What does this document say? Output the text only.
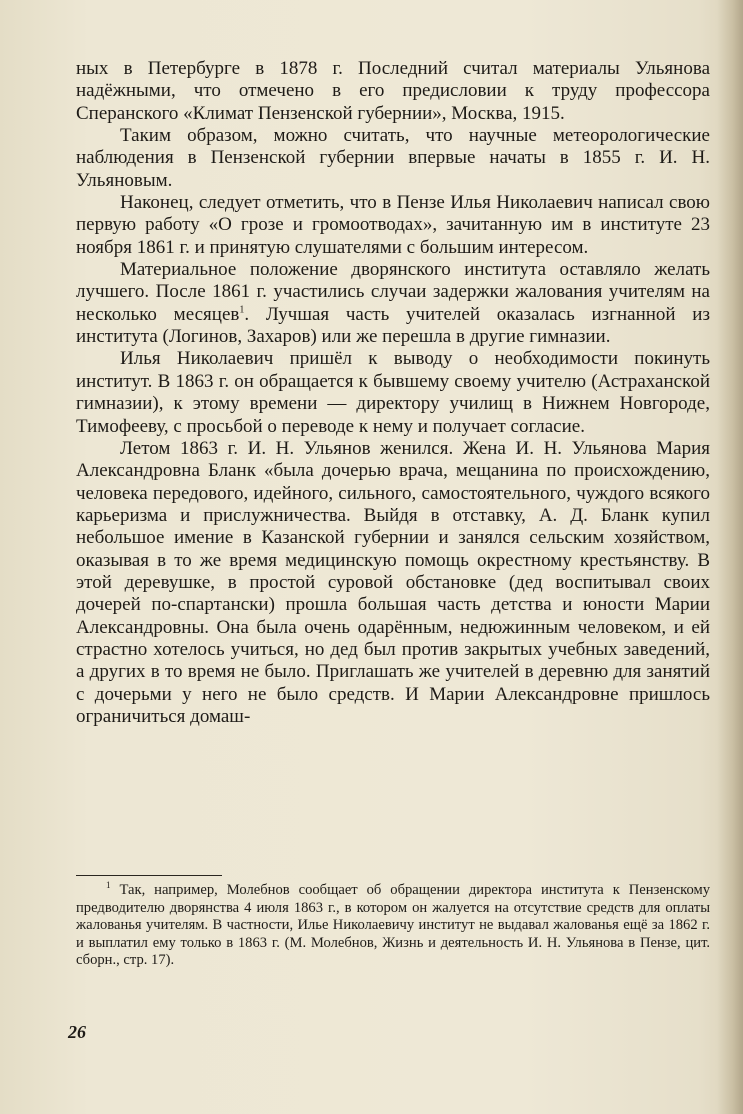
ных в Петербурге в 1878 г. Последний считал материалы Ульянова надёжными, что отмечено в его предисловии к труду профессора Сперанского «Климат Пензенской губернии», Москва, 1915.

Таким образом, можно считать, что научные метеорологические наблюдения в Пензенской губернии впервые начаты в 1855 г. И. Н. Ульяновым.

Наконец, следует отметить, что в Пензе Илья Николаевич написал свою первую работу «О грозе и громоотводах», зачитанную им в институте 23 ноября 1861 г. и принятую слушателями с большим интересом.

Материальное положение дворянского института оставляло желать лучшего. После 1861 г. участились случаи задержки жалования учителям на несколько месяцев$^1$. Лучшая часть учителей оказалась изгнанной из института (Логинов, Захаров) или же перешла в другие гимназии.

Илья Николаевич пришёл к выводу о необходимости покинуть институт. В 1863 г. он обращается к бывшему своему учителю (Астраханской гимназии), к этому времени — директору училищ в Нижнем Новгороде, Тимофееву, с просьбой о переводе к нему и получает согласие.

Летом 1863 г. И. Н. Ульянов женился. Жена И. Н. Ульянова Мария Александровна Бланк «была дочерью врача, мещанина по происхождению, человека передового, идейного, сильного, самостоятельного, чуждого всякого карьеризма и прислужничества. Выйдя в отставку, А. Д. Бланк купил небольшое имение в Казанской губернии и занялся сельским хозяйством, оказывая в то же время медицинскую помощь окрестному крестьянству. В этой деревушке, в простой суровой обстановке (дед воспитывал своих дочерей по-спартански) прошла большая часть детства и юности Марии Александровны. Она была очень одарённым, недюжинным человеком, и ей страстно хотелось учиться, но дед был против закрытых учебных заведений, а других в то время не было. Приглашать же учителей в деревню для занятий с дочерьми у него не было средств. И Марии Александровне пришлось ограничиться домаш-

$^1$ Так, например, Молебнов сообщает об обращении директора института к Пензенскому предводителю дворянства 4 июля 1863 г., в котором он жалуется на отсутствие средств для оплаты жалованья учителям. В частности, Илье Николаевичу институт не выдавал жалованья ещё за 1862 г. и выплатил ему только в 1863 г. (М. Молебнов, Жизнь и деятельность И. Н. Ульянова в Пензе, цит. сборн., стр. 17).

26
